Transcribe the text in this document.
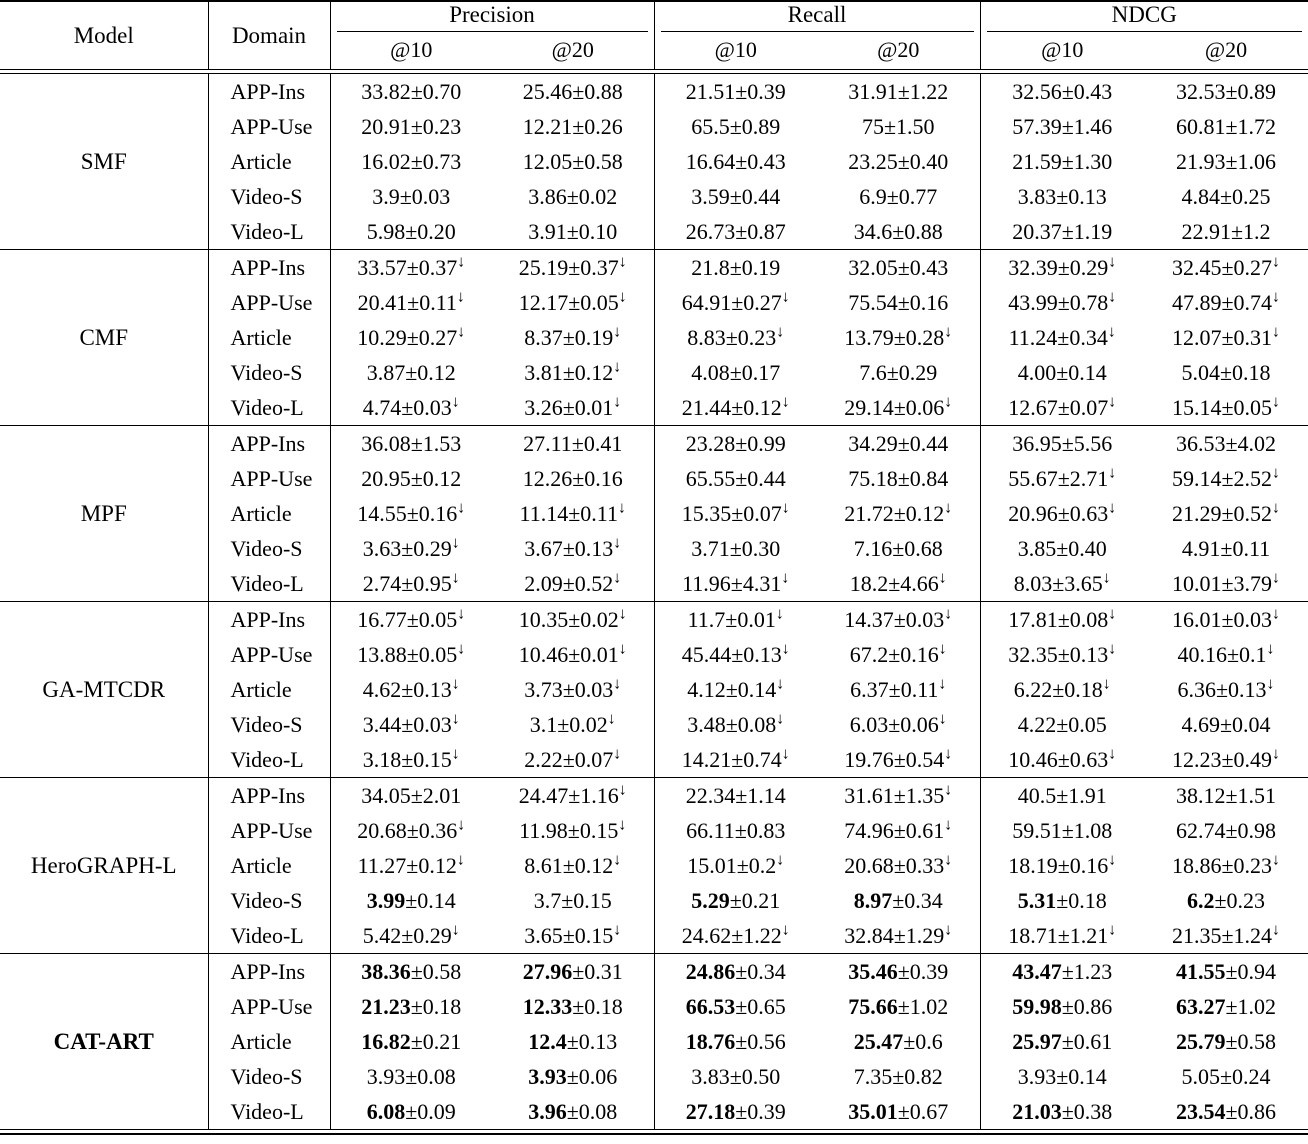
Model	Domain	Precision		Recall		NDCG	

		@10	@20	@10	@20	@10	@20

SMF	APP-Ins	33.82±0.70	25.46±0.88	21.51±0.39	31.91±1.22	32.56±0.43	32.53±0.89
	APP-Use	20.91±0.23	12.21±0.26	65.5±0.89	75±1.50	57.39±1.46	60.81±1.72
	Article	16.02±0.73	12.05±0.58	16.64±0.43	23.25±0.40	21.59±1.30	21.93±1.06
	Video-S	3.9±0.03	3.86±0.02	3.59±0.44	6.9±0.77	3.83±0.13	4.84±0.25
	Video-L	5.98±0.20	3.91±0.10	26.73±0.87	34.6±0.88	20.37±1.19	22.91±1.2

CMF	APP-Ins	33.57±0.37↓	25.19±0.37↓	21.8±0.19	32.05±0.43	32.39±0.29↓	32.45±0.27↓
	APP-Use	20.41±0.11↓	12.17±0.05↓	64.91±0.27↓	75.54±0.16	43.99±0.78↓	47.89±0.74↓
	Article	10.29±0.27↓	8.37±0.19↓	8.83±0.23↓	13.79±0.28↓	11.24±0.34↓	12.07±0.31↓
	Video-S	3.87±0.12	3.81±0.12↓	4.08±0.17	7.6±0.29	4.00±0.14	5.04±0.18
	Video-L	4.74±0.03↓	3.26±0.01↓	21.44±0.12↓	29.14±0.06↓	12.67±0.07↓	15.14±0.05↓

MPF	APP-Ins	36.08±1.53	27.11±0.41	23.28±0.99	34.29±0.44	36.95±5.56	36.53±4.02
	APP-Use	20.95±0.12	12.26±0.16	65.55±0.44	75.18±0.84	55.67±2.71↓	59.14±2.52↓
	Article	14.55±0.16↓	11.14±0.11↓	15.35±0.07↓	21.72±0.12↓	20.96±0.63↓	21.29±0.52↓
	Video-S	3.63±0.29↓	3.67±0.13↓	3.71±0.30	7.16±0.68	3.85±0.40	4.91±0.11
	Video-L	2.74±0.95↓	2.09±0.52↓	11.96±4.31↓	18.2±4.66↓	8.03±3.65↓	10.01±3.79↓

GA-MTCDR	APP-Ins	16.77±0.05↓	10.35±0.02↓	11.7±0.01↓	14.37±0.03↓	17.81±0.08↓	16.01±0.03↓
	APP-Use	13.88±0.05↓	10.46±0.01↓	45.44±0.13↓	67.2±0.16↓	32.35±0.13↓	40.16±0.1↓
	Article	4.62±0.13↓	3.73±0.03↓	4.12±0.14↓	6.37±0.11↓	6.22±0.18↓	6.36±0.13↓
	Video-S	3.44±0.03↓	3.1±0.02↓	3.48±0.08↓	6.03±0.06↓	4.22±0.05	4.69±0.04
	Video-L	3.18±0.15↓	2.22±0.07↓	14.21±0.74↓	19.76±0.54↓	10.46±0.63↓	12.23±0.49↓

HeroGRAPH-L	APP-Ins	34.05±2.01	24.47±1.16↓	22.34±1.14	31.61±1.35↓	40.5±1.91	38.12±1.51
	APP-Use	20.68±0.36↓	11.98±0.15↓	66.11±0.83	74.96±0.61↓	59.51±1.08	62.74±0.98
	Article	11.27±0.12↓	8.61±0.12↓	15.01±0.2↓	20.68±0.33↓	18.19±0.16↓	18.86±0.23↓
	Video-S	3.99±0.14	3.7±0.15	5.29±0.21	8.97±0.34	5.31±0.18	6.2±0.23
	Video-L	5.42±0.29↓	3.65±0.15↓	24.62±1.22↓	32.84±1.29↓	18.71±1.21↓	21.35±1.24↓

CAT-ART	APP-Ins	38.36±0.58	27.96±0.31	24.86±0.34	35.46±0.39	43.47±1.23	41.55±0.94
	APP-Use	21.23±0.18	12.33±0.18	66.53±0.65	75.66±1.02	59.98±0.86	63.27±1.02
	Article	16.82±0.21	12.4±0.13	18.76±0.56	25.47±0.6	25.97±0.61	25.79±0.58
	Video-S	3.93±0.08	3.93±0.06	3.83±0.50	7.35±0.82	3.93±0.14	5.05±0.24
	Video-L	6.08±0.09	3.96±0.08	27.18±0.39	35.01±0.67	21.03±0.38	23.54±0.86
